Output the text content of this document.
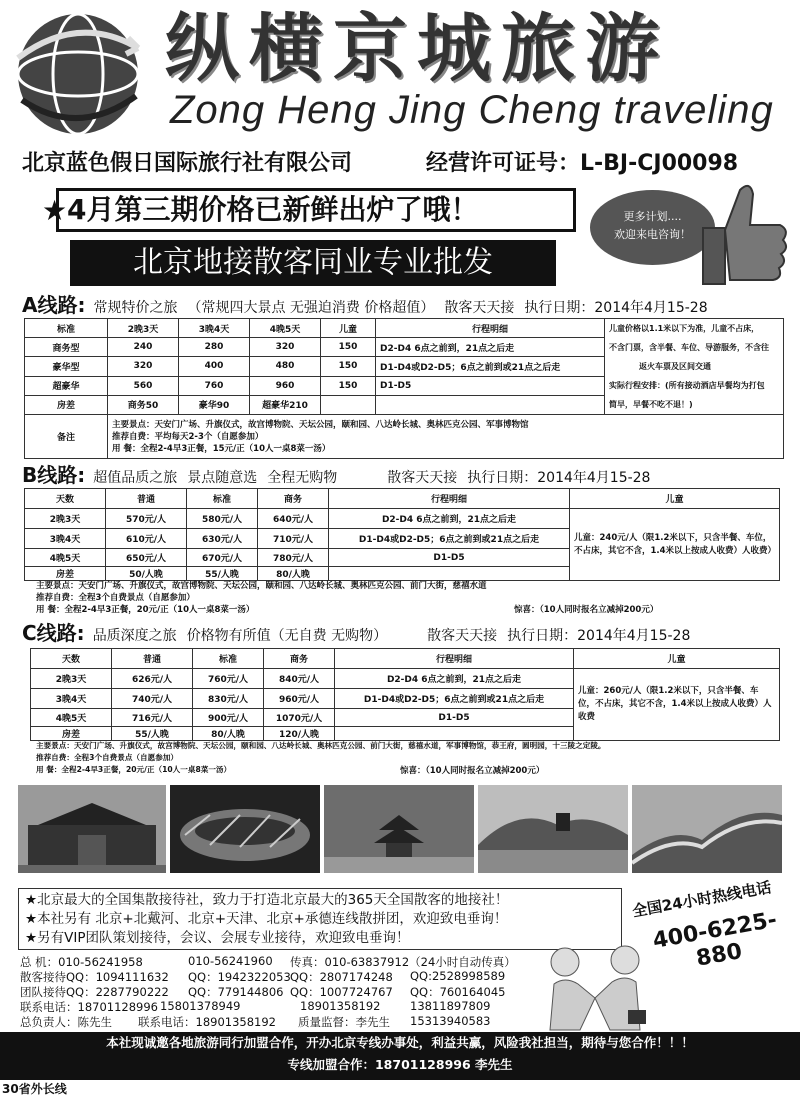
纵横京城旅游
Zong Heng Jing Cheng traveling
北京蓝色假日国际旅行社有限公司	经营许可证号：L-BJ-CJ00098
★ 4月第三期价格已新鲜出炉了哦！
北京地接散客同业专业批发
更多计划....
欢迎来电咨询！
A线路: 常规特价之旅 （常规四大景点 无强迫消费 价格超值） 散客天天接 执行日期：2014年4月15-28
标准	2晚3天	3晚4天	4晚5天	儿童	行程明细	儿童价格以1.1米以下为准，儿童不占床，
不含门票，含半餐、车位、导游服务，不含往
返火车票及区间交通
实际行程安排：(所有接动酒店早餐均为打包
简早，早餐不吃不退！)

商务型	240	280	320	150	D2-D4 6点之前到，21点之后走	
豪华型	320	400	480	150	D1-D4或D2-D5；6点之前到或21点之后走	
超豪华	560	760	960	150	D1-D5	
房差	商务50	豪华90	超豪华210			
备注	主要景点：天安门广场、升旗仪式，故宫博物院、天坛公园，颐和园、八达岭长城、奥林匹克公园、军事博物馆
推荐自费：平均每天2-3个（自愿参加）
用 餐：全程2-4早3正餐，15元/正（10人一桌8菜一汤）					
B线路: 超值品质之旅 景点随意选 全程无购物	散客天天接 执行日期：2014年4月15-28
天数	普通	标准	商务	行程明细	儿童
2晚3天	570元/人	580元/人	640元/人	D2-D4 6点之前到，21点之后走	儿童：240元/人（限1.2米以下，只含半餐、车位，不占床，其它不含，1.4米以上按成人收费）人收费）
3晚4天	610元/人	630元/人	710元/人	D1-D4或D2-D5；6点之前到或21点之后走	
4晚5天	650元/人	670元/人	780元/人	D1-D5	
房差	50/人晚	55/人晚	80/人晚		
主要景点：天安门广场、升旗仪式，故宫博物院、天坛公园，颐和园、八达岭长城、奥林匹克公园、前门大街，慈禧水道
推荐自费：全程3个自费景点（自愿参加）
用 餐：全程2-4早3正餐，20元/正（10人一桌8菜一汤）	惊喜：（10人同时报名立减掉200元）
C线路: 品质深度之旅 价格物有所值（无自费 无购物）	散客天天接 执行日期：2014年4月15-28
天数	普通	标准	商务	行程明细	儿童
2晚3天	626元/人	760元/人	840元/人	D2-D4 6点之前到，21点之后走	儿童：260元/人（限1.2米以下，只含半餐、车位，不占床，其它不含，1.4米以上按成人收费）人收费
3晚4天	740元/人	830元/人	960元/人	D1-D4或D2-D5；6点之前到或21点之后走	
4晚5天	716元/人	900元/人	1070元/人	D1-D5	
房差	55/人晚	80/人晚	120/人晚		
主要景点：天安门广场、升旗仪式，故宫博物院、天坛公园，颐和园、八达岭长城、奥林匹克公园、前门大街，慈禧水道，军事博物馆，恭王府，圆明园，十三陵之定陵。
推荐自费：全程3个自费景点（自愿参加）
用 餐：全程2-4早3正餐，20元/正（10人一桌8菜一汤）	惊喜：（10人同时报名立减掉200元）
★北京最大的全国集散接待社，致力于打造北京最大的365天全国散客的地接社！
★本社另有 北京+北戴河、北京+天津、北京+承德连线散拼团，欢迎致电垂询！
★另有VIP团队策划接待，会议、会展专业接待，欢迎致电垂询！
全国24小时热线电话
400-6225-880
总 机：010-56241958	010-56241960 传真：010-63837912（24小时自动传真）
散客接待QQ：1094111632 QQ：1942322053 QQ：2807174248 QQ:2528998589
团队接待QQ：2287790222 QQ：779144806 QQ：1007724767 QQ：760164045
联系电话：18701128996 15801378949	18901358192	13811897809
总负责人：陈先生 联系电话：18901358192 质量监督：李先生 15313940583
本社现诚邀各地旅游同行加盟合作，开办北京专线办事处，利益共赢，风险我社担当，期待与您合作！！！
专线加盟合作：18701128996 李先生
30省外长线
